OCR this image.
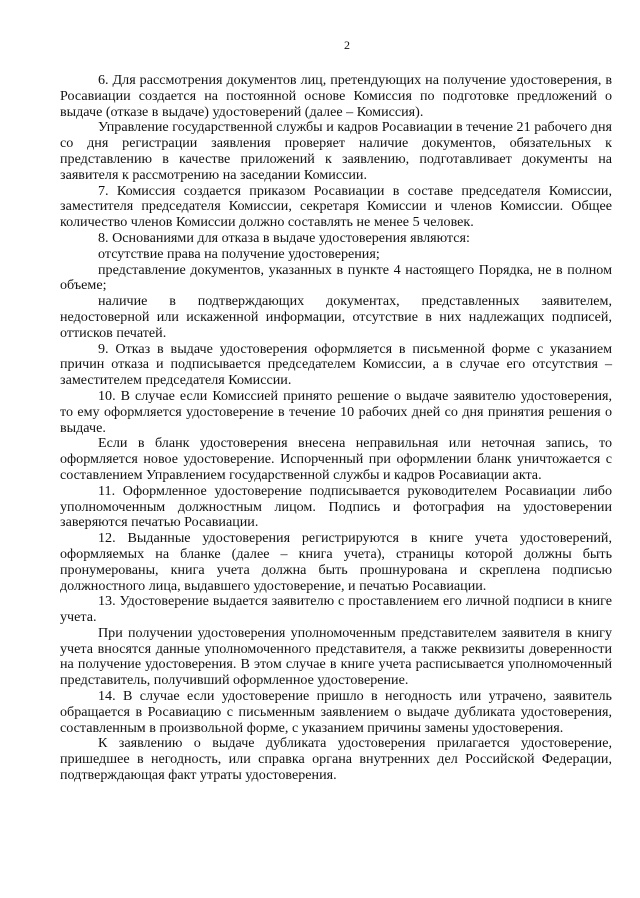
2

6. Для рассмотрения документов лиц, претендующих на получение удостоверения, в Росавиации создается на постоянной основе Комиссия по подготовке предложений о выдаче (отказе в выдаче) удостоверений (далее – Комиссия).

Управление государственной службы и кадров Росавиации в течение 21 рабочего дня со дня регистрации заявления проверяет наличие документов, обязательных к представлению в качестве приложений к заявлению, подготавливает документы на заявителя к рассмотрению на заседании Комиссии.

7. Комиссия создается приказом Росавиации в составе председателя Комиссии, заместителя председателя Комиссии, секретаря Комиссии и членов Комиссии. Общее количество членов Комиссии должно составлять не менее 5 человек.

8. Основаниями для отказа в выдаче удостоверения являются:

отсутствие права на получение удостоверения;

представление документов, указанных в пункте 4 настоящего Порядка, не в полном объеме;

наличие в подтверждающих документах, представленных заявителем, недостоверной или искаженной информации, отсутствие в них надлежащих подписей, оттисков печатей.

9. Отказ в выдаче удостоверения оформляется в письменной форме с указанием причин отказа и подписывается председателем Комиссии, а в случае его отсутствия – заместителем председателя Комиссии.

10. В случае если Комиссией принято решение о выдаче заявителю удостоверения, то ему оформляется удостоверение в течение 10 рабочих дней со дня принятия решения о выдаче.

Если в бланк удостоверения внесена неправильная или неточная запись, то оформляется новое удостоверение. Испорченный при оформлении бланк уничтожается с составлением Управлением государственной службы и кадров Росавиации акта.

11. Оформленное удостоверение подписывается руководителем Росавиации либо уполномоченным должностным лицом. Подпись и фотография на удостоверении заверяются печатью Росавиации.

12. Выданные удостоверения регистрируются в книге учета удостоверений, оформляемых на бланке (далее – книга учета), страницы которой должны быть пронумерованы, книга учета должна быть прошнурована и скреплена подписью должностного лица, выдавшего удостоверение, и печатью Росавиации.

13. Удостоверение выдается заявителю с проставлением его личной подписи в книге учета.

При получении удостоверения уполномоченным представителем заявителя в книгу учета вносятся данные уполномоченного представителя, а также реквизиты доверенности на получение удостоверения. В этом случае в книге учета расписывается уполномоченный представитель, получивший оформленное удостоверение.

14. В случае если удостоверение пришло в негодность или утрачено, заявитель обращается в Росавиацию с письменным заявлением о выдаче дубликата удостоверения, составленным в произвольной форме, с указанием причины замены удостоверения.

К заявлению о выдаче дубликата удостоверения прилагается удостоверение, пришедшее в негодность, или справка органа внутренних дел Российской Федерации, подтверждающая факт утраты удостоверения.
